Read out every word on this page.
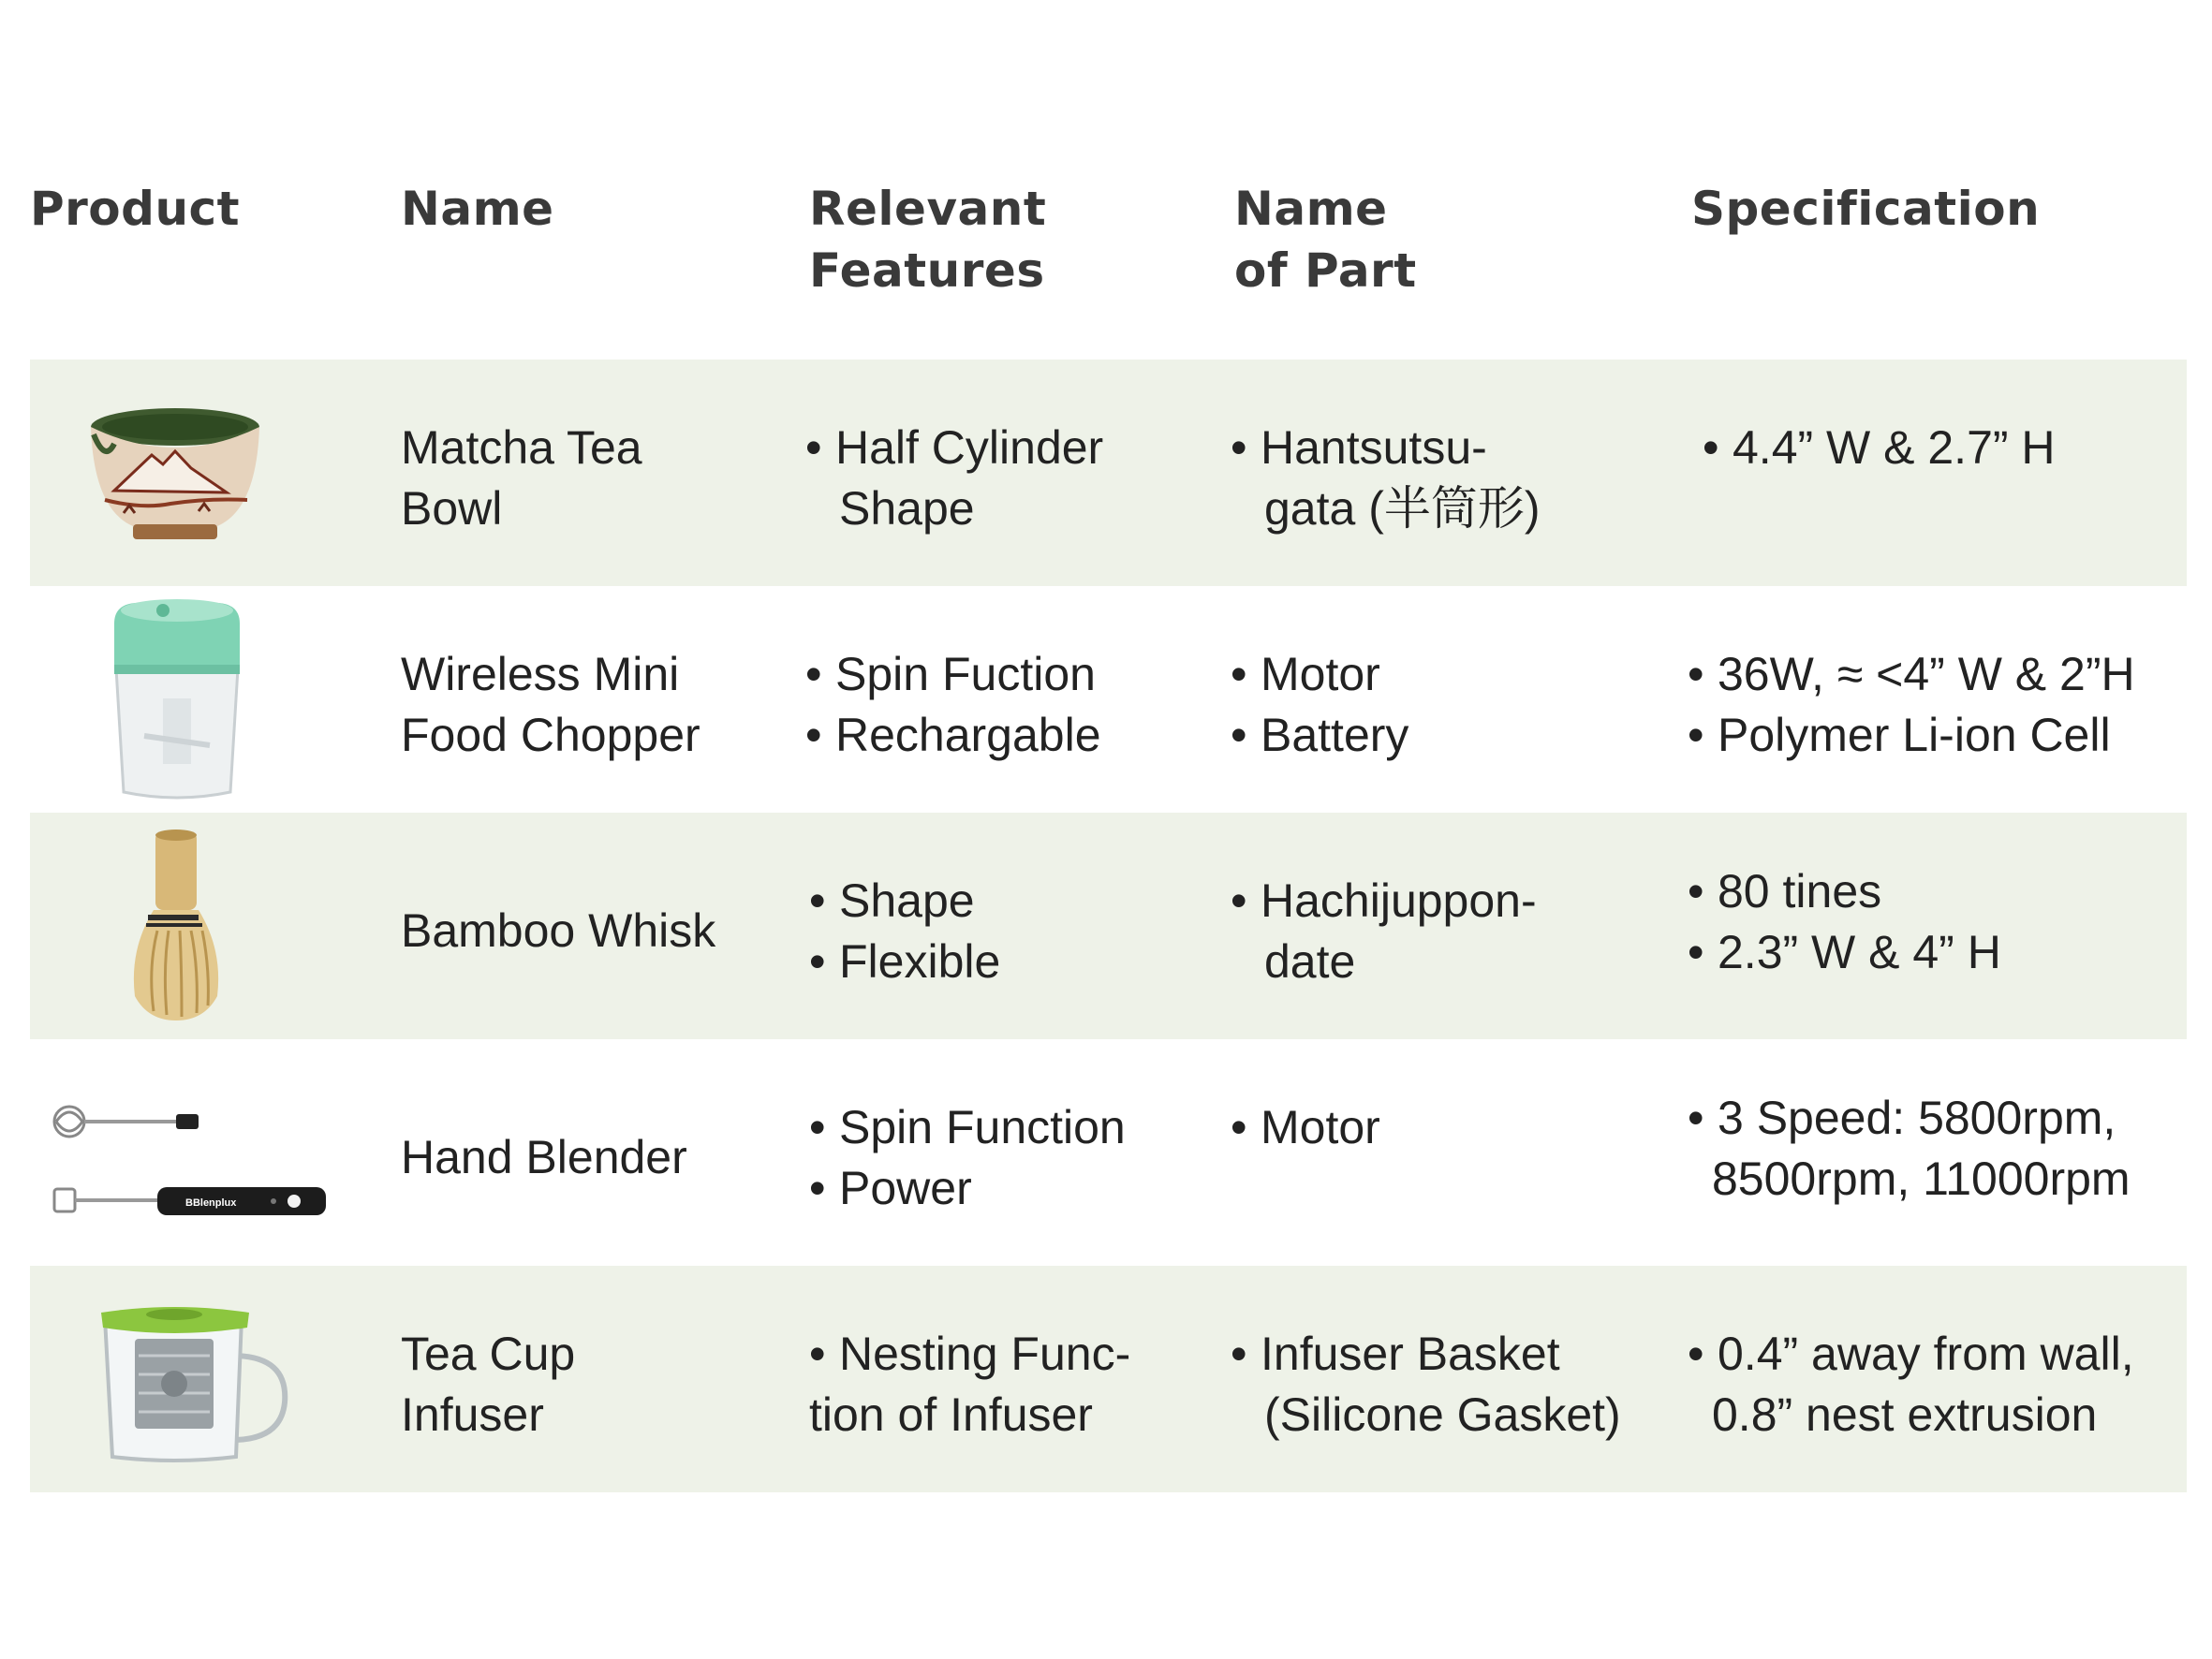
Product	Name	Relevant
Features
Name
of Part
Specification
Matcha Tea
Bowl
• Half Cylinder
Shape
• Hantsutsu-
gata (半筒形)
• 4.4” W & 2.7” H
Wireless Mini
Food Chopper
• Spin Fuction
• Rechargable
• Motor
• Battery
• 36W, ≈ <4” W & 2”H
• Polymer Li-ion Cell
Bamboo Whisk
• Shape
• Flexible
• Hachijuppon-
date
• 80 tines
• 2.3” W & 4” H
BBlenplux
Hand Blender
• Spin Function
• Power
• Motor
•	3 Speed: 5800rpm,
8500rpm, 11000rpm
Tea Cup
Infuser
• Nesting Func-
tion of Infuser
• Infuser Basket
(Silicone Gasket)
• 0.4” away from wall,
0.8” nest extrusion
